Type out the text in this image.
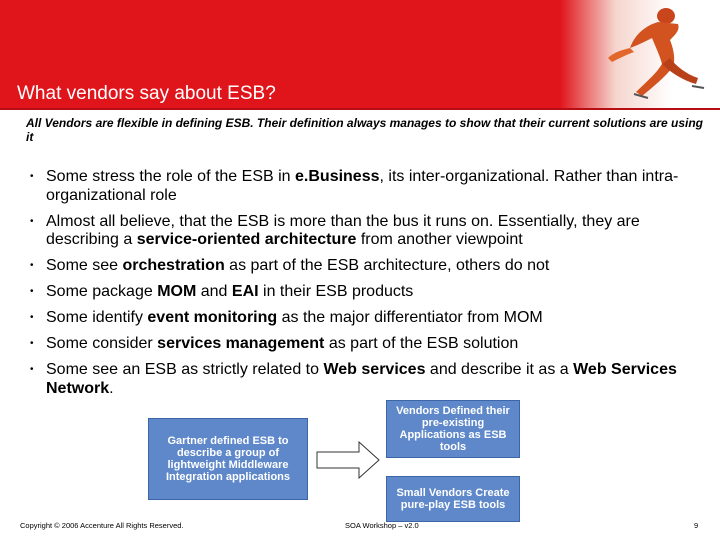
What vendors say about ESB?
All Vendors are flexible in defining ESB. Their definition always manages to show that their current solutions are using it
• Some stress the role of the ESB in e.Business, its inter-organizational. Rather than intra-organizational role
• Almost all believe, that the ESB is more than the bus it runs on. Essentially, they are describing a service-oriented architecture from another viewpoint
• Some see orchestration as part of the ESB architecture, others do not
• Some package MOM and EAI in their ESB products
• Some identify event monitoring as the major differentiator from MOM
• Some consider services management as part of the ESB solution
• Some see an ESB as strictly related to Web services and describe it as a Web Services Network.
Gartner defined ESB to describe a group of lightweight Middleware Integration applications
Vendors Defined their pre-existing Applications as ESB tools
Small Vendors Create pure-play ESB tools
Copyright © 2006 Accenture All Rights Reserved.	SOA Workshop – v2.0	9
